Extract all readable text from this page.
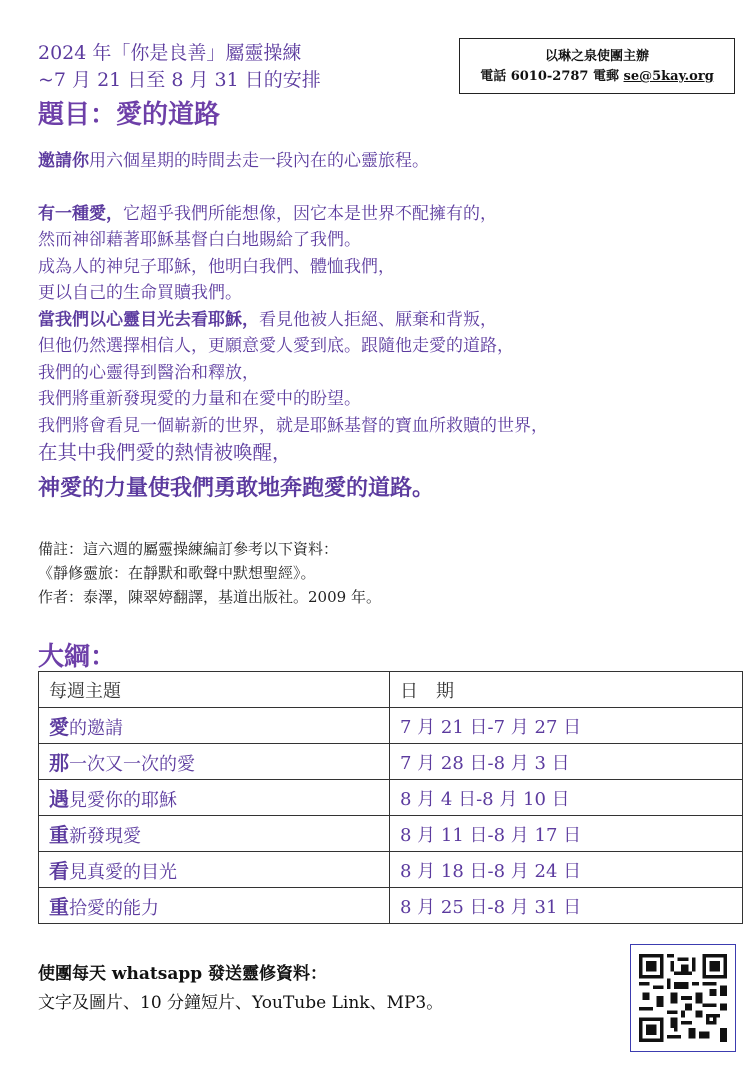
2024 年「你是良善」屬靈操練
~7 月 21 日至 8 月 31 日的安排
以琳之泉使團主辦
電話 6010-2787 電郵 se@5kay.org
題目：愛的道路
邀請你用六個星期的時間去走一段內在的心靈旅程。
有一種愛，它超乎我們所能想像，因它本是世界不配擁有的，
然而神卻藉著耶穌基督白白地賜給了我們。
成為人的神兒子耶穌，他明白我們、體恤我們，
更以自己的生命買贖我們。
當我們以心靈目光去看耶穌，看見他被人拒絕、厭棄和背叛，
但他仍然選擇相信人，更願意愛人愛到底。跟隨他走愛的道路，
我們的心靈得到醫治和釋放，
我們將重新發現愛的力量和在愛中的盼望。
我們將會看見一個嶄新的世界，就是耶穌基督的寶血所救贖的世界，
在其中我們愛的熱情被喚醒，
神愛的力量使我們勇敢地奔跑愛的道路。
備註：這六週的屬靈操練編訂參考以下資料：
《靜修靈旅：在靜默和歌聲中默想聖經》。
作者：泰澤，陳翠婷翻譯，基道出版社。2009 年。
大綱：
每週主題	日　期
愛的邀請	7 月 21 日-7 月 27 日
那一次又一次的愛	7 月 28 日-8 月 3 日
遇見愛你的耶穌	8 月 4 日-8 月 10 日
重新發現愛	8 月 11 日-8 月 17 日
看見真愛的目光	8 月 18 日-8 月 24 日
重拾愛的能力	8 月 25 日-8 月 31 日
使團每天 whatsapp 發送靈修資料：
文字及圖片、10 分鐘短片、YouTube Link、MP3。
